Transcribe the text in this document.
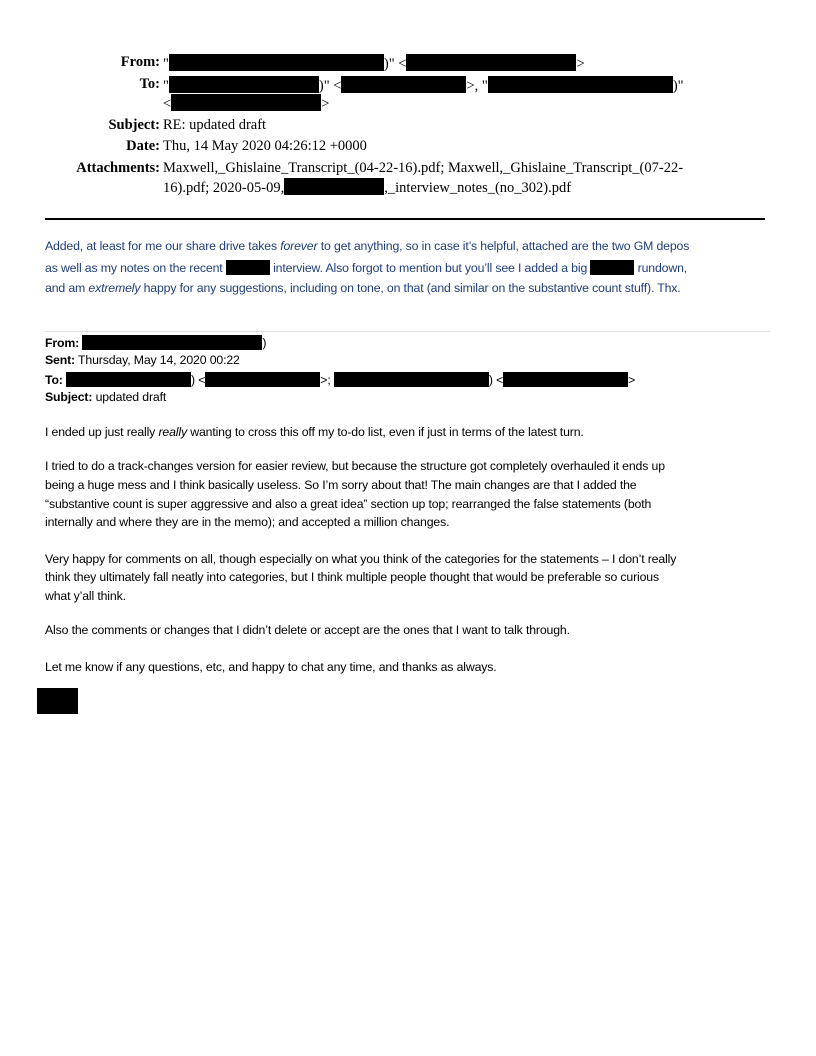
From: "	)" <	>
To: "	)" <	>, "	)"
<	>
Subject: RE: updated draft
Date: Thu, 14 May 2020 04:26:12 +0000
Attachments: Maxwell,_Ghislaine_Transcript_(04-22-16).pdf; Maxwell,_Ghislaine_Transcript_(07-22-
16).pdf; 2020-05-09,	,_interview_notes_(no_302).pdf
Added, at least for me our share drive takes forever to get anything, so in case it’s helpful, attached are the two GM depos
as well as my notes on the recent	interview. Also forgot to mention but you’ll see I added a big	rundown,
and am extremely happy for any suggestions, including on tone, on that (and similar on the substantive count stuff). Thx.
From:	)
Sent: Thursday, May 14, 2020 00:22
To:	) <	>;	) <	>
Subject: updated draft
I ended up just really really wanting to cross this off my to-do list, even if just in terms of the latest turn.
I tried to do a track-changes version for easier review, but because the structure got completely overhauled it ends up
being a huge mess and I think basically useless. So I’m sorry about that! The main changes are that I added the
“substantive count is super aggressive and also a great idea” section up top; rearranged the false statements (both
internally and where they are in the memo); and accepted a million changes.
Very happy for comments on all, though especially on what you think of the categories for the statements – I don’t really
think they ultimately fall neatly into categories, but I think multiple people thought that would be preferable so curious
what y’all think.
Also the comments or changes that I didn’t delete or accept are the ones that I want to talk through.
Let me know if any questions, etc, and happy to chat any time, and thanks as always.
